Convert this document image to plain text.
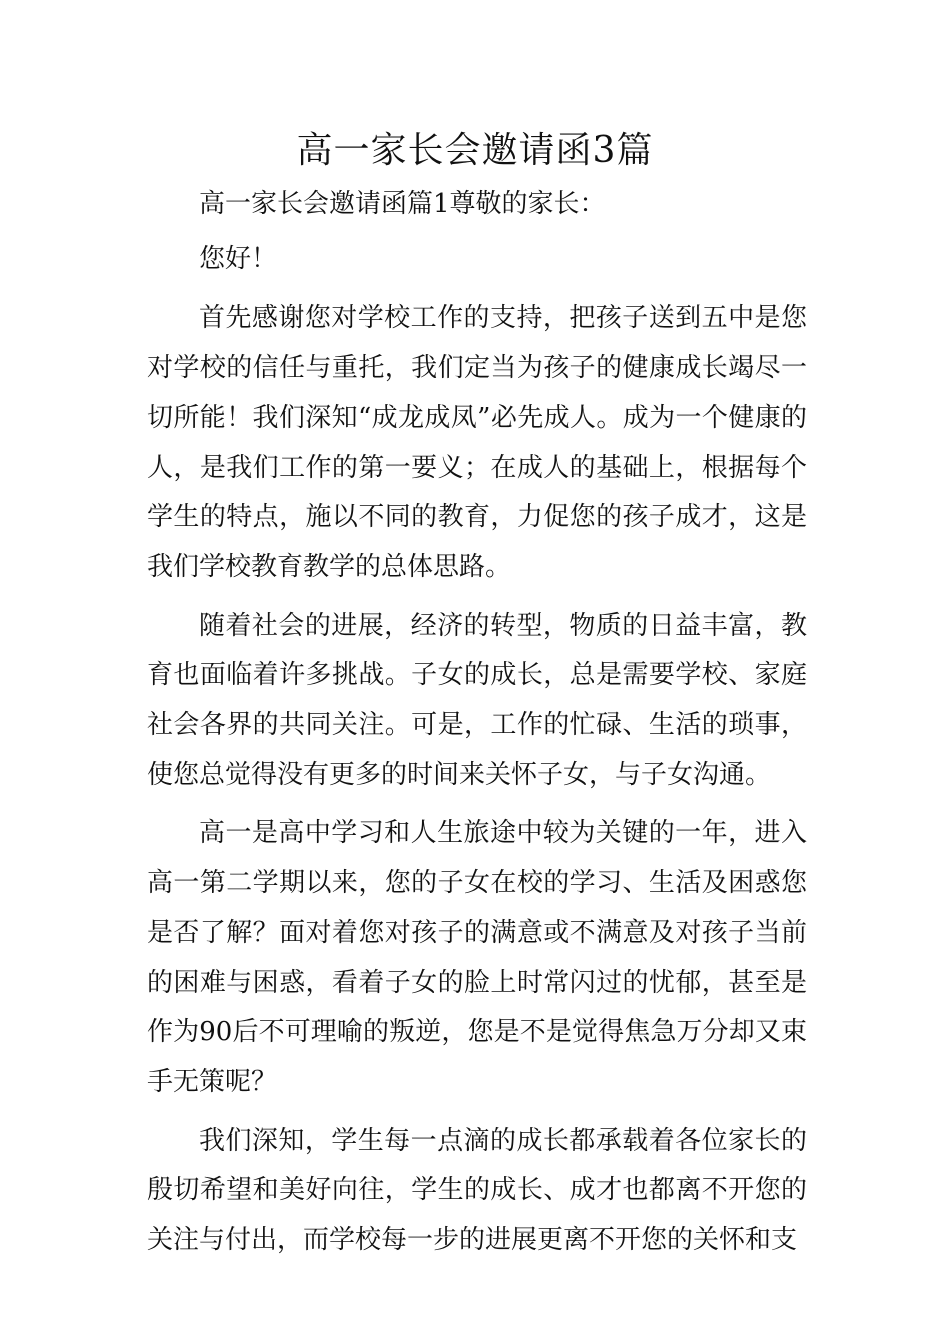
高一家长会邀请函3篇

高一家长会邀请函篇1尊敬的家长：

您好！

首先感谢您对学校工作的支持，把孩子送到五中是您对学校的信任与重托，我们定当为孩子的健康成长竭尽一切所能！我们深知“成龙成凤”必先成人。成为一个健康的人，是我们工作的第一要义；在成人的基础上，根据每个学生的特点，施以不同的教育，力促您的孩子成才，这是我们学校教育教学的总体思路。

随着社会的进展，经济的转型，物质的日益丰富，教育也面临着许多挑战。子女的成长，总是需要学校、家庭社会各界的共同关注。可是，工作的忙碌、生活的琐事，使您总觉得没有更多的时间来关怀子女，与子女沟通。

高一是高中学习和人生旅途中较为关键的一年，进入高一第二学期以来，您的子女在校的学习、生活及困惑您是否了解？面对着您对孩子的满意或不满意及对孩子当前的困难与困惑，看着子女的脸上时常闪过的忧郁，甚至是作为90后不可理喻的叛逆，您是不是觉得焦急万分却又束手无策呢？

我们深知，学生每一点滴的成长都承载着各位家长的殷切希望和美好向往，学生的成长、成才也都离不开您的关注与付出，而学校每一步的进展更离不开您的关怀和支
